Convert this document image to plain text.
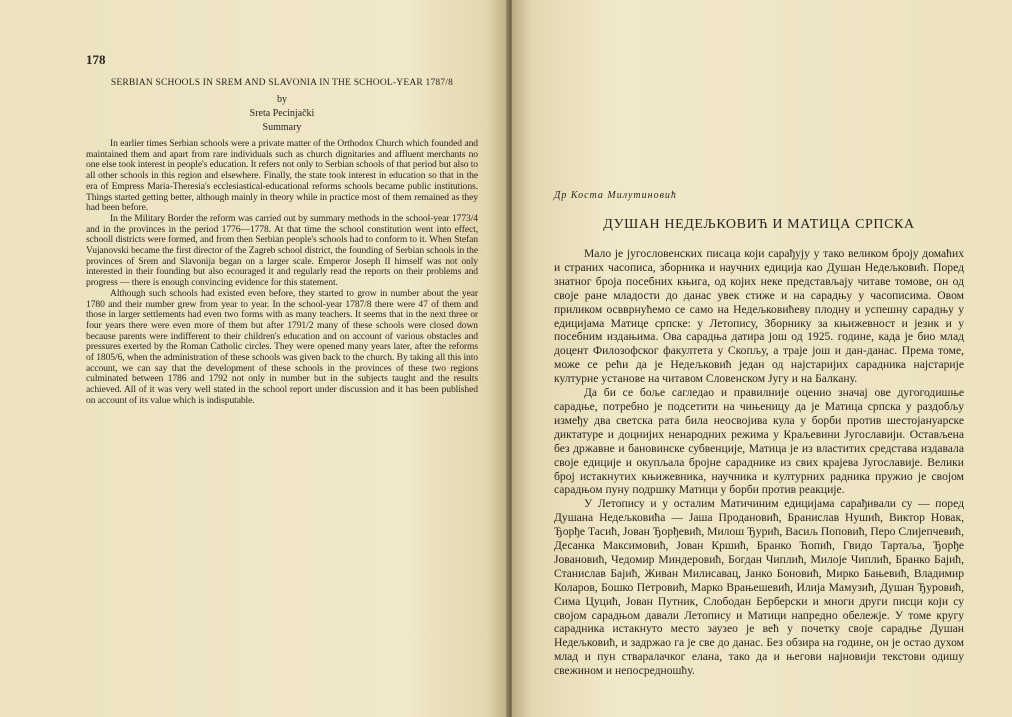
178
SERBIAN SCHOOLS IN SREM AND SLAVONIA IN THE SCHOOL-YEAR 1787/8
by
Sreta Pecinjački
Summary

In earlier times Serbian schools were a private matter of the Orthodox Church which founded and maintained them and apart from rare individuals such as church dignitaries and affluent merchants no one else took interest in people's education. It refers not only to Serbian schools of that period but also to all other schools in this region and elsewhere. Finally, the state took interest in education so that in the era of Empress Maria-Theresia's ecclesiastical-educational reforms schools became public institutions. Things started getting better, although mainly in theory while in practice most of them remained as they had been before.

In the Military Border the reform was carried out by summary methods in the school-year 1773/4 and in the provinces in the period 1776—1778. At that time the school constitution went into effect, schooll districts were formed, and from then Serbian people's schools had to conform to it. When Stefan Vujanovski became the first director of the Zagreb school district, the founding of Serbian schools in the provinces of Srem and Slavonija began on a larger scale. Emperor Joseph II himself was not only interested in their founding but also ecouraged it and regularly read the reports on their problems and progress — there is enough convincing evidence for this statement.

Although such schools had existed even before, they started to grow in number about the year 1780 and their number grew from year to year. In the school-year 1787/8 there were 47 of them and those in larger settlements had even two forms with as many teachers. It seems that in the next three or four years there were even more of them but after 1791/2 many of these schools were closed down because parents were indifferent to their children's education and on account of various obstacles and pressures exerted by the Roman Catholic circles. They were opened many years later, after the reforms of 1805/6, when the administration of these schools was given back to the church. By taking all this into account, we can say that the development of these schools in the provinces of these two regions culminated between 1786 and 1792 not only in number but in the subjects taught and the results achieved. All of it was very well stated in the school report under discussion and it has been published on account of its value which is indisputable.

Др Коста Милутиновић
ДУШАН НЕДЕЉКОВИЋ И МАТИЦА СРПСКА

Мало је југословенских писаца који сарађују у тако великом броју домаћих и страних часописа, зборника и научних едиција као Душан Недељковић. Поред знатног броја посебних књига, од којих неке представљају читаве томове, он од своје ране младости до данас увек стиже и на сарадњу у часописима. Овом приликом освврнућемо се само на Недељковићеву плодну и успешну сарадњу у едицијама Матице српске: у Летопису, Зборнику за књижевност и језик и у посебним издањима. Ова сарадња датира још од 1925. године, када је био млад доцент Филозофског факултета у Скопљу, а траје још и дан-данас. Према томе, може се рећи да је Недељковић један од најстаријих сарадника најстарије културне установе на читавом Словенском Југу и на Балкану.

Да би се боље сагледао и правилније оценио значај ове дугогодишње сарадње, потребно је подсетити на чињеницу да је Матица српска у раздобљу између два светска рата била неосвојива кула у борби против шестојануарске диктатуре и доцнијих ненародних режима у Краљевини Југославији. Остављена без државне и бановинске субвенције, Матица је из властитих средстава издавала своје едиције и окупљала бројне сараднике из свих крајева Југославије. Велики број истакнутих књижевника, научника и културних радника пружио је својом сарадњом пуну подршку Матици у борби против реакције.

У Летопису и у осталим Матичиним едицијама сарађивали су — поред Душана Недељковића — Јаша Продановић, Бранислав Нушић, Виктор Новак, Ђорђе Тасић, Јован Ђорђевић, Милош Ђурић, Васиљ Поповић, Перо Слијепчевић, Десанка Максимовић, Јован Кршић, Бранко Ћопић, Гвидо Тартаља, Ђорђе Јовановић, Чедомир Миндеровић, Богдан Чиплић, Милоје Чиплић, Бранко Бајић, Станислав Бајић, Живан Милисавац, Јанко Боновић, Мирко Бањевић, Владимир Коларов, Бошко Петровић, Марко Врањешевић, Илија Мамузић, Душан Ђуровић, Сима Цуцић, Јован Путник, Слободан Берберски и многи други писци који су својом сарадњом давали Летопису и Матици напредно обележје. У томе кругу сарадника истакнуто место заузео је већ у почетку своје сарадње Душан Недељковић, и задржао га је све до данас. Без обзира на године, он је остао духом млад и пун стваралачког елана, тако да и његови најновији текстови одишу свежином и непосредношћу.
